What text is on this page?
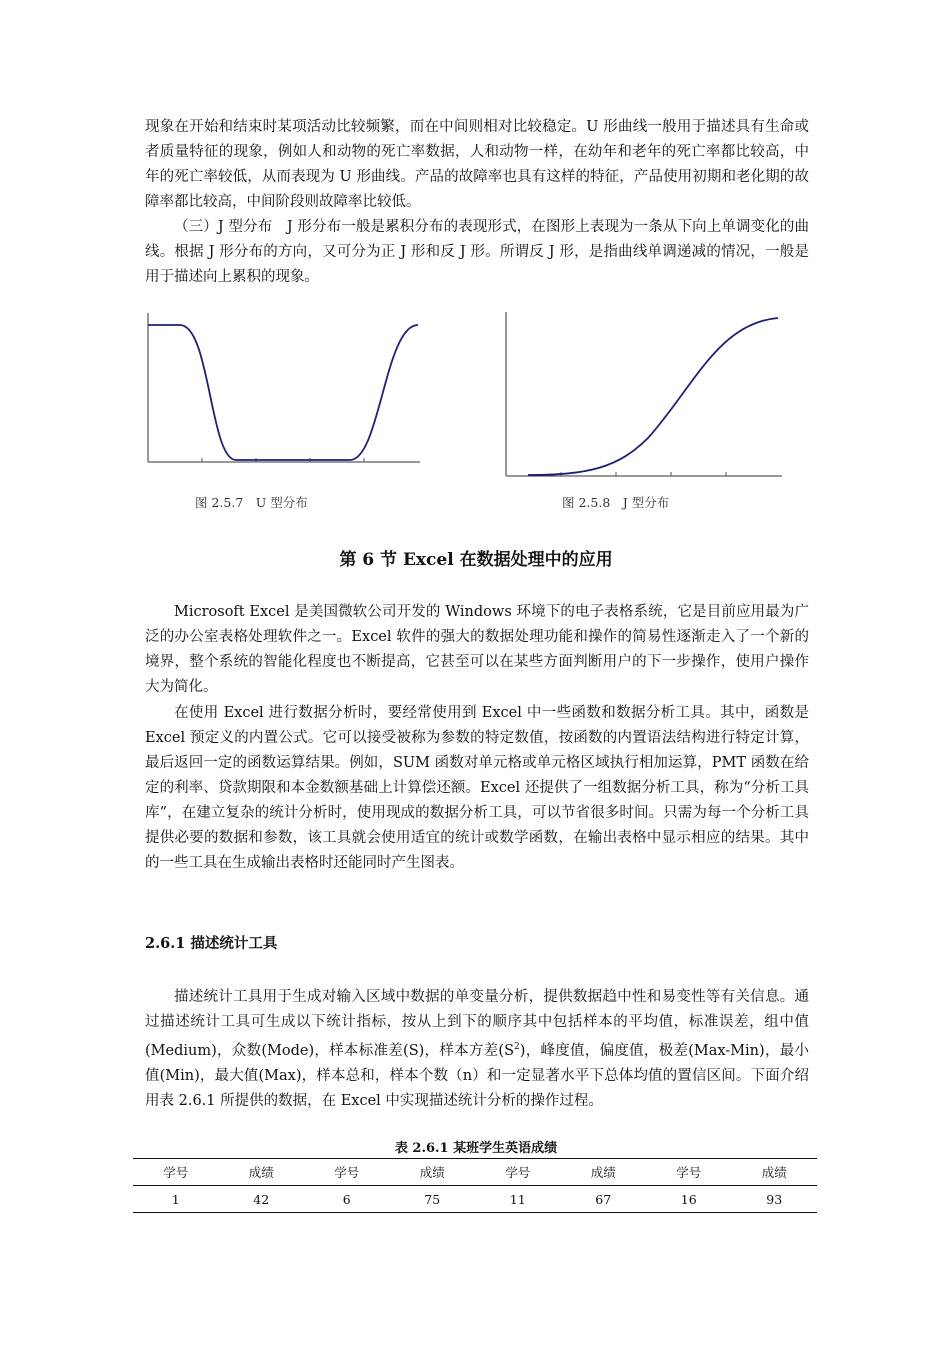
现象在开始和结束时某项活动比较频繁，而在中间则相对比较稳定。U 形曲线一般用于描述具有生命或者质量特征的现象，例如人和动物的死亡率数据，人和动物一样，在幼年和老年的死亡率都比较高，中年的死亡率较低，从而表现为 U 形曲线。产品的故障率也具有这样的特征，产品使用初期和老化期的故障率都比较高，中间阶段则故障率比较低。

（三）J 型分布　J 形分布一般是累积分布的表现形式，在图形上表现为一条从下向上单调变化的曲线。根据 J 形分布的方向，又可分为正 J 形和反 J 形。所谓反 J 形，是指曲线单调递减的情况，一般是用于描述向上累积的现象。

图 2.5.7　U 型分布	图 2.5.8　J 型分布
第 6 节 Excel 在数据处理中的应用

Microsoft Excel 是美国微软公司开发的 Windows 环境下的电子表格系统，它是目前应用最为广泛的办公室表格处理软件之一。Excel 软件的强大的数据处理功能和操作的简易性逐渐走入了一个新的境界，整个系统的智能化程度也不断提高，它甚至可以在某些方面判断用户的下一步操作，使用户操作大为简化。

在使用 Excel 进行数据分析时，要经常使用到 Excel 中一些函数和数据分析工具。其中，函数是 Excel 预定义的内置公式。它可以接受被称为参数的特定数值，按函数的内置语法结构进行特定计算，最后返回一定的函数运算结果。例如，SUM 函数对单元格或单元格区域执行相加运算，PMT 函数在给定的利率、贷款期限和本金数额基础上计算偿还额。Excel 还提供了一组数据分析工具，称为“分析工具库”，在建立复杂的统计分析时，使用现成的数据分析工具，可以节省很多时间。只需为每一个分析工具提供必要的数据和参数，该工具就会使用适宜的统计或数学函数，在输出表格中显示相应的结果。其中的一些工具在生成输出表格时还能同时产生图表。

2.6.1 描述统计工具

描述统计工具用于生成对输入区域中数据的单变量分析，提供数据趋中性和易变性等有关信息。通过描述统计工具可生成以下统计指标，按从上到下的顺序其中包括样本的平均值，标准误差，组中值(Medium)，众数(Mode)，样本标准差(S)，样本方差$(S^2)$，峰度值，偏度值，极差(Max-Min)，最小值(Min)，最大值(Max)，样本总和，样本个数（n）和一定显著水平下总体均值的置信区间。下面介绍用表 2.6.1 所提供的数据，在 Excel 中实现描述统计分析的操作过程。

表 2.6.1 某班学生英语成绩
学号	成绩	学号	成绩	学号	成绩	学号	成绩
1	42	6	75	11	67	16	93
